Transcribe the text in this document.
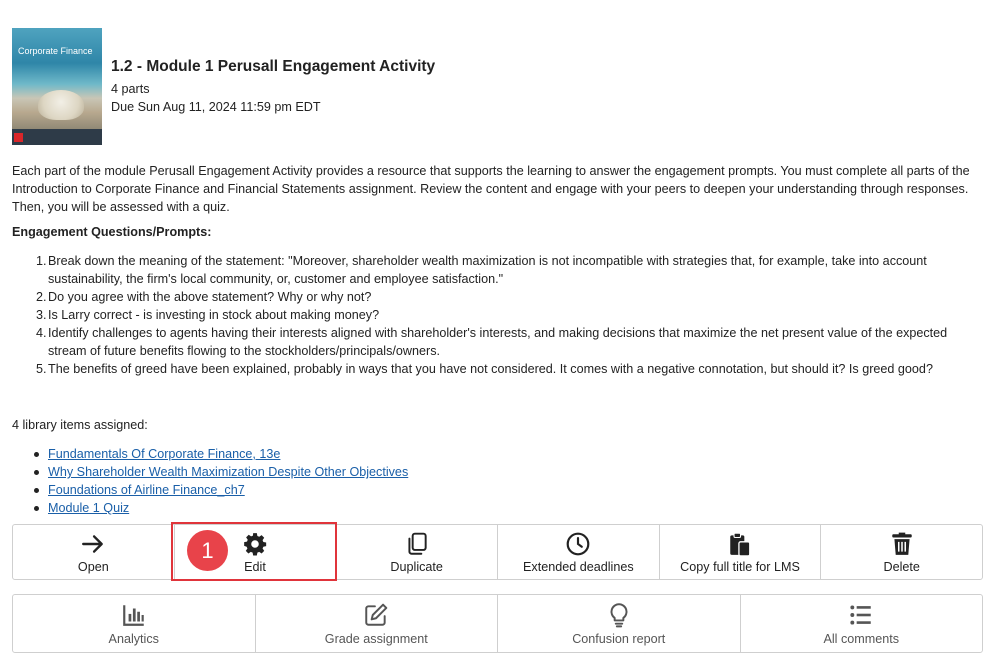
Corporate Finance
1.2 - Module 1 Perusall Engagement Activity
4 parts
Due Sun Aug 11, 2024 11:59 pm EDT
Each part of the module Perusall Engagement Activity provides a resource that supports the learning to answer the engagement prompts. You must complete all parts of the Introduction to Corporate Finance and Financial Statements assignment. Review the content and engage with your peers to deepen your understanding through responses. Then, you will be assessed with a quiz.
Engagement Questions/Prompts:
1. Break down the meaning of the statement: "Moreover, shareholder wealth maximization is not incompatible with strategies that, for example, take into account sustainability, the firm's local community, or, customer and employee satisfaction."
2. Do you agree with the above statement? Why or why not?
3. Is Larry correct - is investing in stock about making money?
4. Identify challenges to agents having their interests aligned with shareholder's interests, and making decisions that maximize the net present value of the expected stream of future benefits flowing to the stockholders/principals/owners.
5. The benefits of greed have been explained, probably in ways that you have not considered. It comes with a negative connotation, but should it? Is greed good?
4 library items assigned:
Fundamentals Of Corporate Finance, 13e
Why Shareholder Wealth Maximization Despite Other Objectives
Foundations of Airline Finance_ch7
Module 1 Quiz
Open	Edit	Duplicate	Extended deadlines	Copy full title for LMS	Delete
Analytics	Grade assignment	Confusion report	All comments
1
